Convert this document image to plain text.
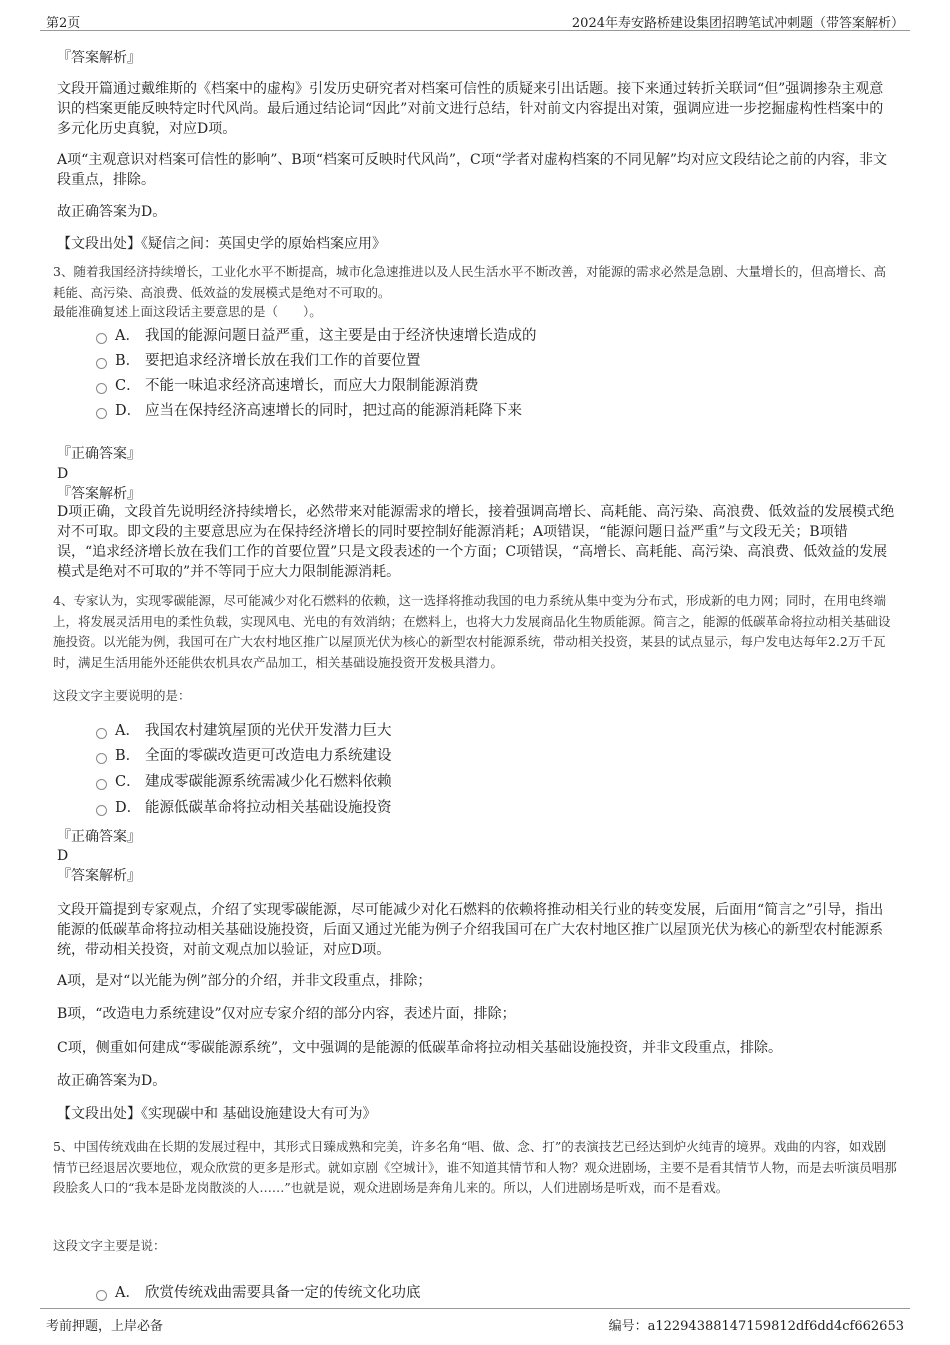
第2页	2024年寿安路桥建设集团招聘笔试冲刺题（带答案解析）
『答案解析』
文段开篇通过戴维斯的《档案中的虚构》引发历史研究者对档案可信性的质疑来引出话题。接下来通过转折关联词“但”强调掺杂主观意识的档案更能反映特定时代风尚。最后通过结论词“因此”对前文进行总结，针对前文内容提出对策，强调应进一步挖掘虚构性档案中的多元化历史真貌，对应D项。
A项“主观意识对档案可信性的影响”、B项“档案可反映时代风尚”，C项“学者对虚构档案的不同见解”均对应文段结论之前的内容，非文段重点，排除。
故正确答案为D。
【文段出处】《疑信之间：英国史学的原始档案应用》
3、随着我国经济持续增长，工业化水平不断提高，城市化急速推进以及人民生活水平不断改善，对能源的需求必然是急剧、大量增长的，但高增长、高耗能、高污染、高浪费、低效益的发展模式是绝对不可取的。
最能准确复述上面这段话主要意思的是（　　）。
A． 我国的能源问题日益严重，这主要是由于经济快速增长造成的
B． 要把追求经济增长放在我们工作的首要位置
C． 不能一味追求经济高速增长，而应大力限制能源消费
D． 应当在保持经济高速增长的同时，把过高的能源消耗降下来
『正确答案』
D
『答案解析』
D项正确，文段首先说明经济持续增长，必然带来对能源需求的增长，接着强调高增长、高耗能、高污染、高浪费、低效益的发展模式绝对不可取。即文段的主要意思应为在保持经济增长的同时要控制好能源消耗；A项错误，“能源问题日益严重”与文段无关；B项错误，“追求经济增长放在我们工作的首要位置”只是文段表述的一个方面；C项错误，“高增长、高耗能、高污染、高浪费、低效益的发展模式是绝对不可取的”并不等同于应大力限制能源消耗。
4、专家认为，实现零碳能源，尽可能减少对化石燃料的依赖，这一选择将推动我国的电力系统从集中变为分布式，形成新的电力网；同时，在用电终端上，将发展灵活用电的柔性负载，实现风电、光电的有效消纳；在燃料上，也将大力发展商品化生物质能源。简言之，能源的低碳革命将拉动相关基础设施投资。以光能为例，我国可在广大农村地区推广以屋顶光伏为核心的新型农村能源系统，带动相关投资，某县的试点显示，每户发电达每年2.2万千瓦时，满足生活用能外还能供农机具农产品加工，相关基础设施投资开发极具潜力。
这段文字主要说明的是：
A． 我国农村建筑屋顶的光伏开发潜力巨大
B． 全面的零碳改造更可改造电力系统建设
C． 建成零碳能源系统需减少化石燃料依赖
D． 能源低碳革命将拉动相关基础设施投资
『正确答案』
D
『答案解析』
文段开篇提到专家观点，介绍了实现零碳能源，尽可能减少对化石燃料的依赖将推动相关行业的转变发展，后面用“简言之”引导，指出能源的低碳革命将拉动相关基础设施投资，后面又通过光能为例子介绍我国可在广大农村地区推广以屋顶光伏为核心的新型农村能源系统，带动相关投资，对前文观点加以验证，对应D项。
A项，是对“以光能为例”部分的介绍，并非文段重点，排除；
B项，“改造电力系统建设”仅对应专家介绍的部分内容，表述片面，排除；
C项，侧重如何建成“零碳能源系统”，文中强调的是能源的低碳革命将拉动相关基础设施投资，并非文段重点，排除。
故正确答案为D。
【文段出处】《实现碳中和 基础设施建设大有可为》
5、中国传统戏曲在长期的发展过程中，其形式日臻成熟和完美，许多名角“唱、做、念、打”的表演技艺已经达到炉火纯青的境界。戏曲的内容，如戏剧情节已经退居次要地位，观众欣赏的更多是形式。就如京剧《空城计》，谁不知道其情节和人物？观众进剧场，主要不是看其情节人物，而是去听演员唱那段脍炙人口的“我本是卧龙岗散淡的人……”也就是说，观众进剧场是奔角儿来的。所以，人们进剧场是听戏，而不是看戏。
这段文字主要是说：
A． 欣赏传统戏曲需要具备一定的传统文化功底
考前押题，上岸必备	编号：a12294388147159812df6dd4cf662653
